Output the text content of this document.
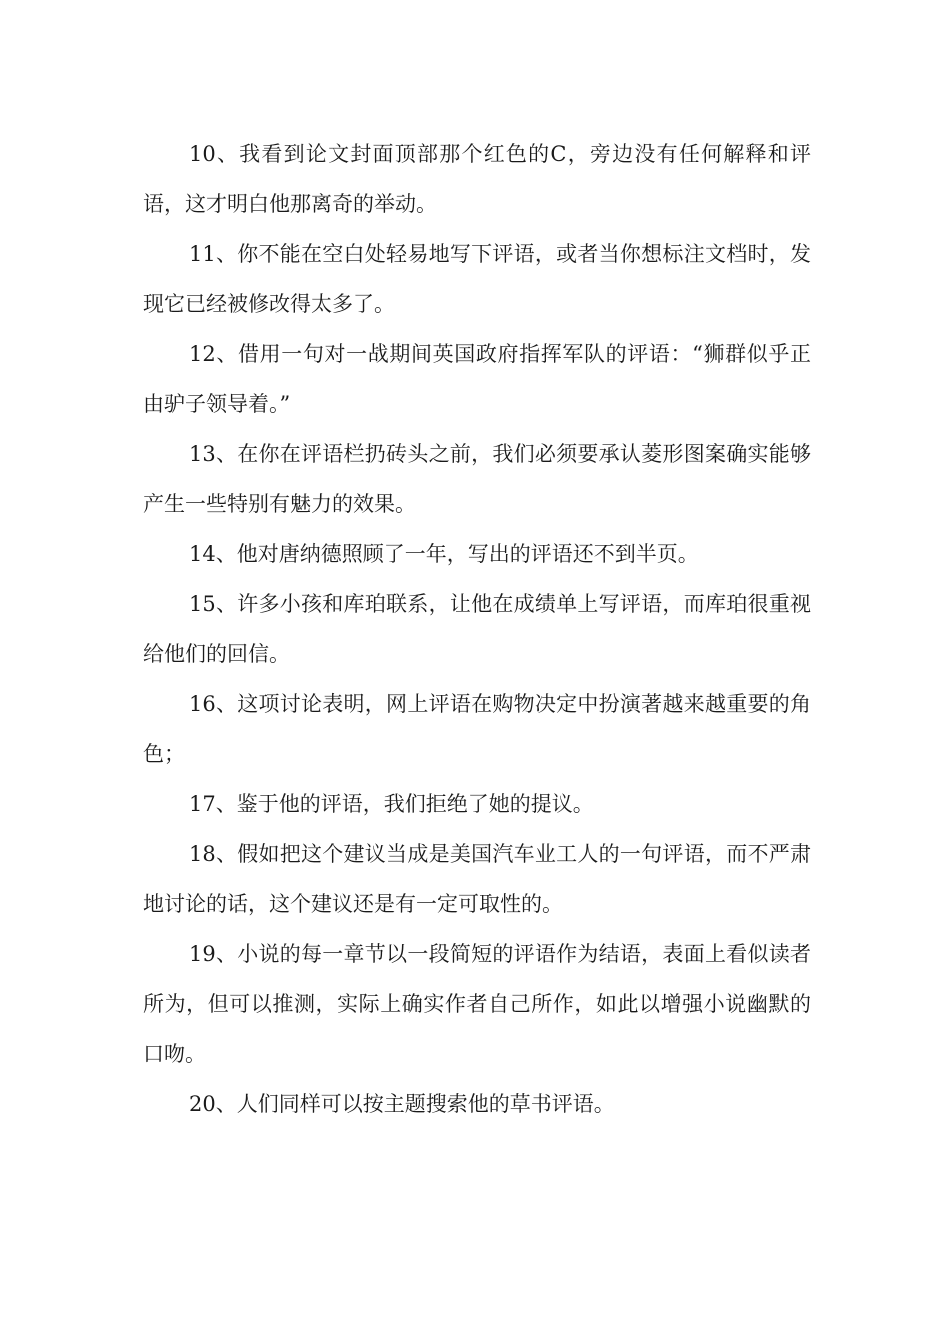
10、我看到论文封面顶部那个红色的C，旁边没有任何解释和评语，这才明白他那离奇的举动。

11、你不能在空白处轻易地写下评语，或者当你想标注文档时，发现它已经被修改得太多了。

12、借用一句对一战期间英国政府指挥军队的评语：“狮群似乎正由驴子领导着。”

13、在你在评语栏扔砖头之前，我们必须要承认菱形图案确实能够产生一些特别有魅力的效果。

14、他对唐纳德照顾了一年，写出的评语还不到半页。

15、许多小孩和库珀联系，让他在成绩单上写评语，而库珀很重视给他们的回信。

16、这项讨论表明，网上评语在购物决定中扮演著越来越重要的角色；

17、鉴于他的评语，我们拒绝了她的提议。

18、假如把这个建议当成是美国汽车业工人的一句评语，而不严肃地讨论的话，这个建议还是有一定可取性的。

19、小说的每一章节以一段简短的评语作为结语，表面上看似读者所为，但可以推测，实际上确实作者自己所作，如此以增强小说幽默的口吻。

20、人们同样可以按主题搜索他的草书评语。
